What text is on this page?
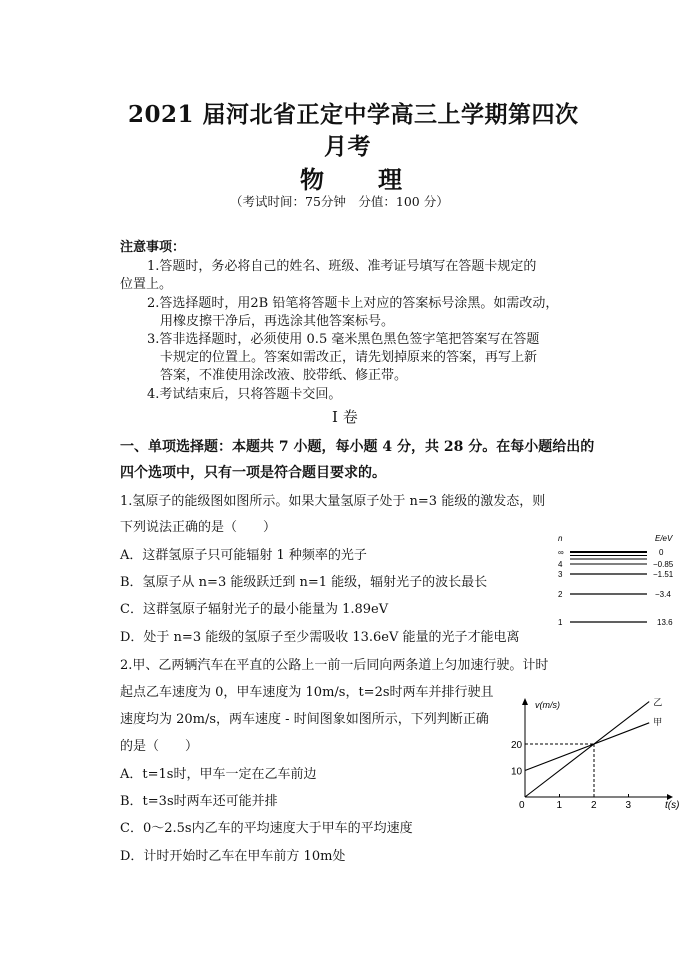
2021 届河北省正定中学高三上学期第四次
月考
物　　理
（考试时间：75分钟　分值：100 分）
注意事项：
1.答题时，务必将自己的姓名、班级、准考证号填写在答题卡规定的
位置上。
2.答选择题时，用2B 铅笔将答题卡上对应的答案标号涂黑。如需改动，
用橡皮擦干净后，再选涂其他答案标号。
3.答非选择题时，必须使用 0.5 毫米黑色黑色签字笔把答案写在答题
卡规定的位置上。答案如需改正，请先划掉原来的答案，再写上新
答案，不准使用涂改液、胶带纸、修正带。
4.考试结束后，只将答题卡交回。
I 卷
一、单项选择题：本题共 7 小题，每小题 4 分，共 28 分。在每小题给出的
四个选项中，只有一项是符合题目要求的。
1.氢原子的能级图如图所示。如果大量氢原子处于 n=3 能级的激发态，则
下列说法正确的是（　　）
A．这群氢原子只可能辐射 1 种频率的光子
B．氢原子从 n=3 能级跃迁到 n=1 能级，辐射光子的波长最长
C．这群氢原子辐射光子的最小能量为 1.89eV
D．处于 n=3 能级的氢原子至少需吸收 13.6eV 能量的光子才能电离
n	E/eV
∞	0
4	−0.85
3	−1.51
2	−3.4
1	13.6
2.甲、乙两辆汽车在平直的公路上一前一后同向两条道上匀加速行驶。计时
起点乙车速度为 0，甲车速度为 10m/s，t=2s时两车并排行驶且
速度均为 20m/s，两车速度 - 时间图象如图所示，下列判断正确
的是（　　）
A．t=1s时，甲车一定在乙车前边
B．t=3s时两车还可能并排
C．0～2.5s内乙车的平均速度大于甲车的平均速度
D．计时开始时乙车在甲车前方 10m处
v(m/s)
t(s)
0	1	2	3
10
20
乙
甲
